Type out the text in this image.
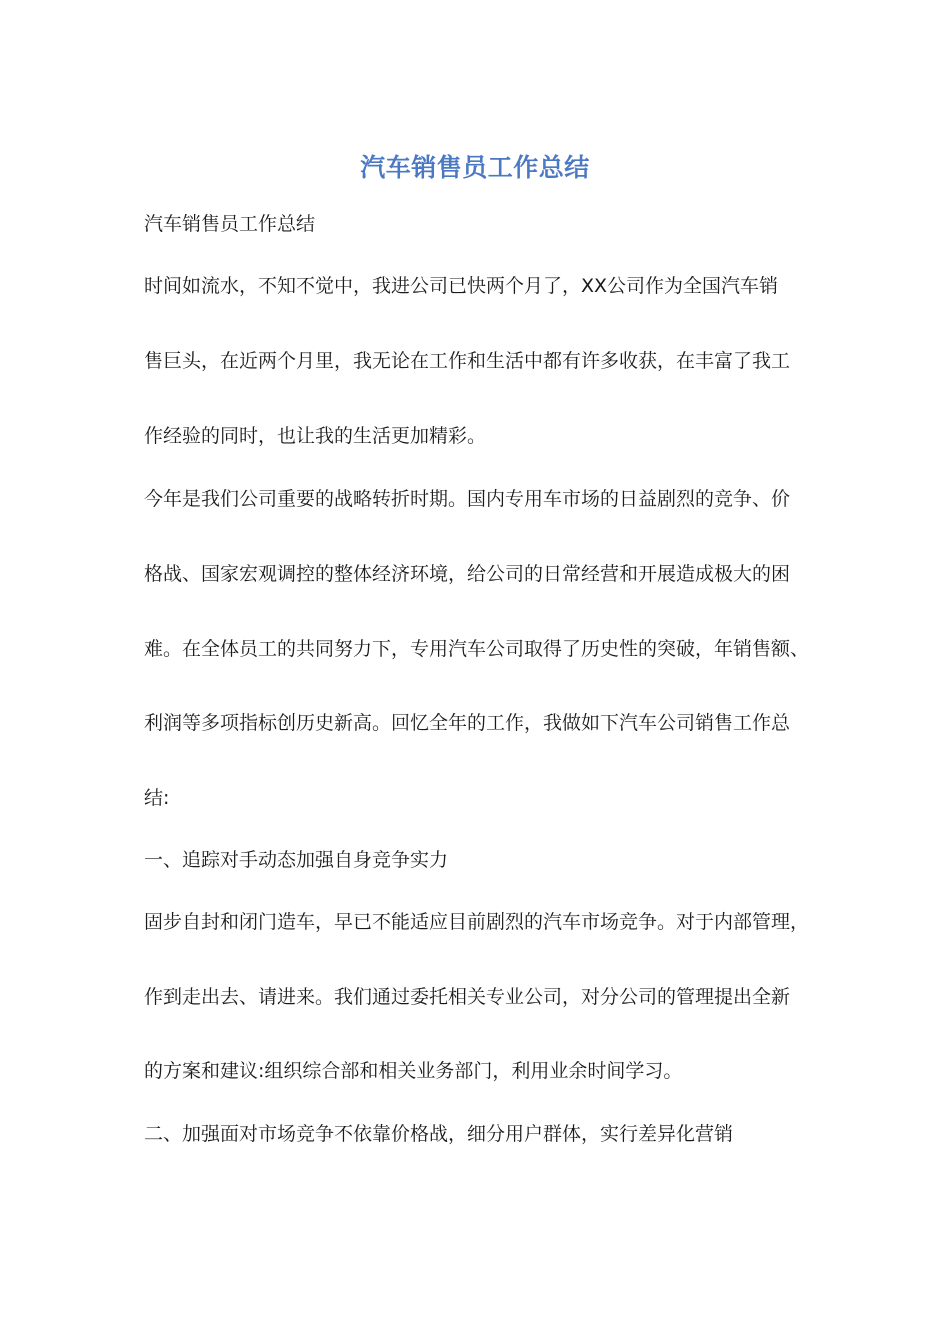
汽车销售员工作总结
汽车销售员工作总结
时间如流水，不知不觉中，我进公司已快两个月了，XX公司作为全国汽车销
售巨头，在近两个月里，我无论在工作和生活中都有许多收获，在丰富了我工
作经验的同时，也让我的生活更加精彩。
今年是我们公司重要的战略转折时期。国内专用车市场的日益剧烈的竞争、价
格战、国家宏观调控的整体经济环境，给公司的日常经营和开展造成极大的困
难。在全体员工的共同努力下，专用汽车公司取得了历史性的突破，年销售额、
利润等多项指标创历史新高。回忆全年的工作，我做如下汽车公司销售工作总
结:
一、追踪对手动态加强自身竞争实力
固步自封和闭门造车，早已不能适应目前剧烈的汽车市场竞争。对于内部管理，
作到走出去、请进来。我们通过委托相关专业公司，对分公司的管理提出全新
的方案和建议:组织综合部和相关业务部门，利用业余时间学习。
二、加强面对市场竞争不依靠价格战，细分用户群体，实行差异化营销
